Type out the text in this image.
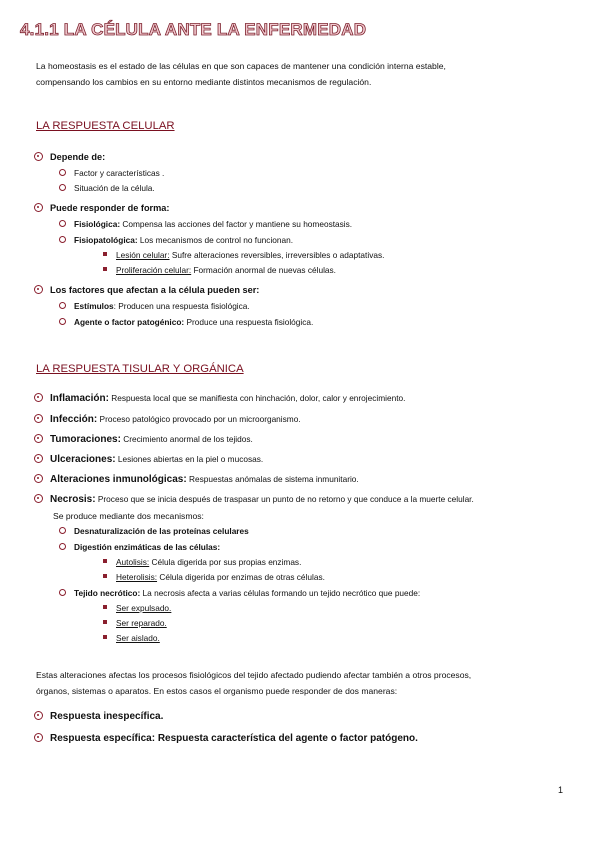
4.1.1 LA CÉLULA ANTE LA ENFERMEDAD
La homeostasis es el estado de las células en que son capaces de mantener una condición interna estable,
compensando los cambios en su entorno mediante distintos mecanismos de regulación.
LA RESPUESTA CELULAR
Depende de:
Factor y características .
Situación de la célula.
Puede responder de forma:
Fisiológica: Compensa las acciones del factor y mantiene su homeostasis.
Fisiopatológica: Los mecanismos de control no funcionan.
Lesión celular: Sufre alteraciones reversibles, irreversibles o adaptativas.
Proliferación celular: Formación anormal de nuevas células.
Los factores que afectan a la célula pueden ser:
Estímulos: Producen una respuesta fisiológica.
Agente o factor patogénico: Produce una respuesta fisiológica.
LA RESPUESTA TISULAR Y ORGÁNICA
Inflamación: Respuesta local que se manifiesta con hinchación, dolor, calor y enrojecimiento.
Infección: Proceso patológico provocado por un microorganismo.
Tumoraciones: Crecimiento anormal de los tejidos.
Ulceraciones: Lesiones abiertas en la piel o mucosas.
Alteraciones inmunológicas: Respuestas anómalas de sistema inmunitario.
Necrosis: Proceso que se inicia después de traspasar un punto de no retorno y que conduce a la muerte celular.
Se produce mediante dos mecanismos:
Desnaturalización de las proteínas celulares
Digestión enzimáticas de las células:
Autolisis: Célula digerida por sus propias enzimas.
Heterolisis: Célula digerida por enzimas de otras células.
Tejido necrótico: La necrosis afecta a varias células formando un tejido necrótico que puede:
Ser expulsado.
Ser reparado.
Ser aislado.
Estas alteraciones afectas los procesos fisiológicos del tejido afectado pudiendo afectar también a otros procesos,
órganos, sistemas o aparatos. En estos casos el organismo puede responder de dos maneras:
Respuesta inespecífica.
Respuesta específica: Respuesta característica del agente o factor patógeno.
1
